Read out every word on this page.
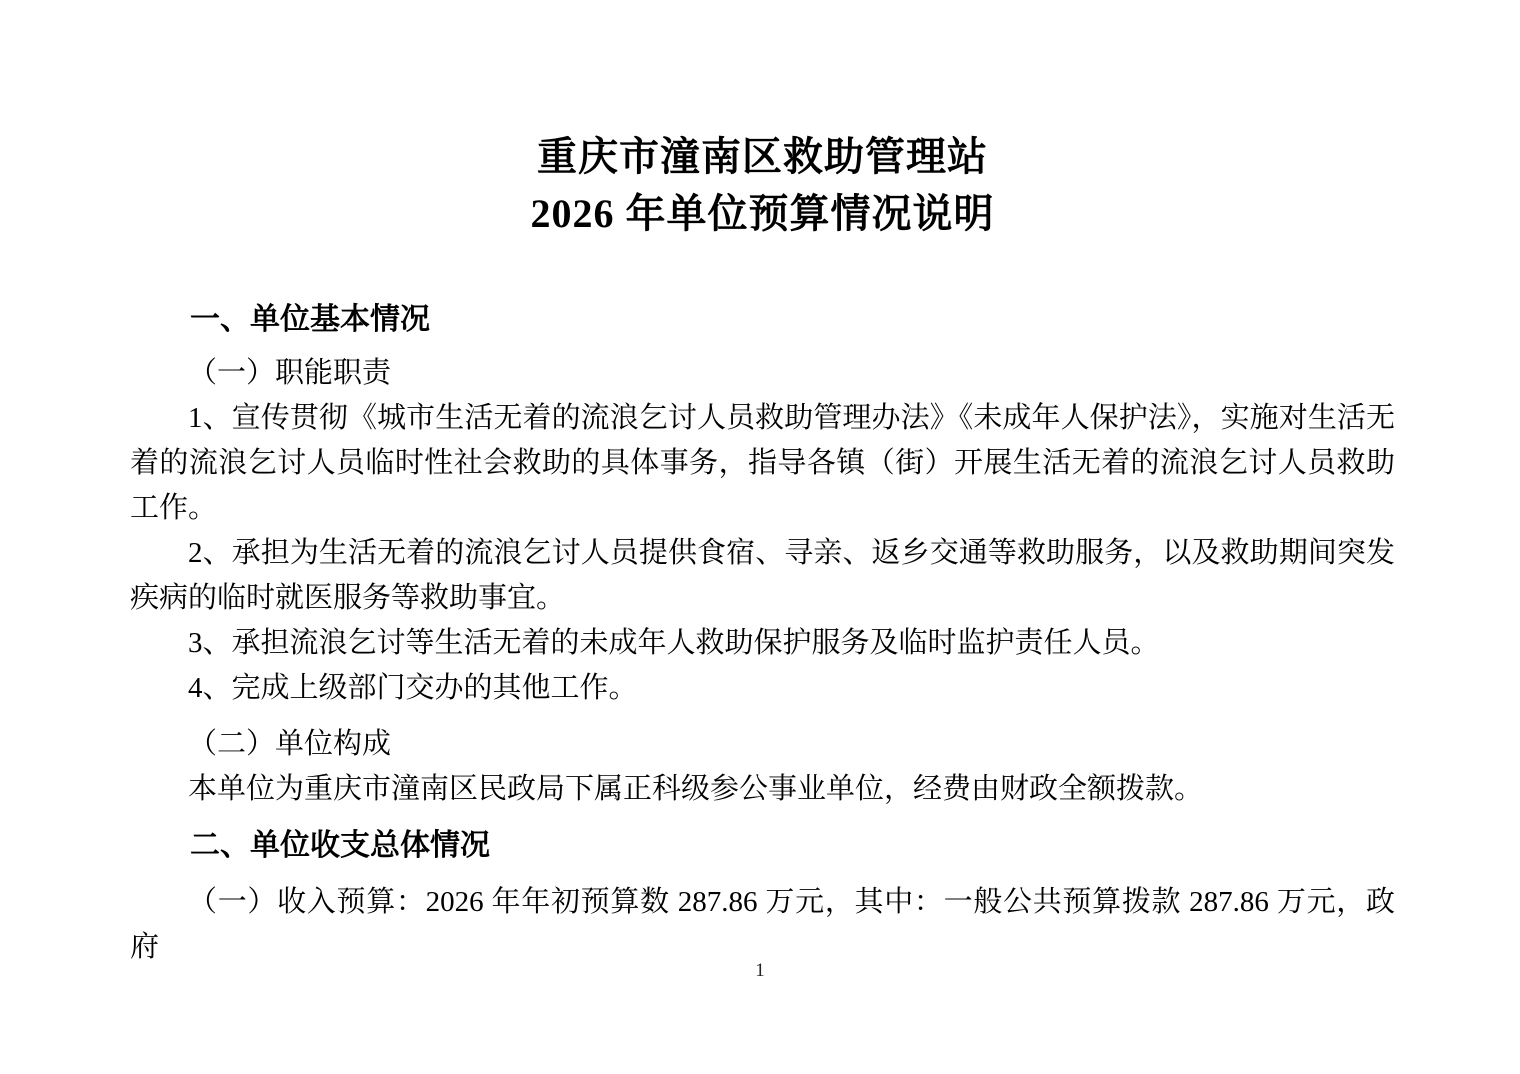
重庆市潼南区救助管理站
2026 年单位预算情况说明
一、单位基本情况
（一）职能职责
1、宣传贯彻《城市生活无着的流浪乞讨人员救助管理办法》《未成年人保护法》，实施对生活无着的流浪乞讨人员临时性社会救助的具体事务，指导各镇（街）开展生活无着的流浪乞讨人员救助工作。
2、承担为生活无着的流浪乞讨人员提供食宿、寻亲、返乡交通等救助服务，以及救助期间突发疾病的临时就医服务等救助事宜。
3、承担流浪乞讨等生活无着的未成年人救助保护服务及临时监护责任人员。
4、完成上级部门交办的其他工作。
（二）单位构成
本单位为重庆市潼南区民政局下属正科级参公事业单位，经费由财政全额拨款。
二、单位收支总体情况
（一）收入预算：2026 年年初预算数 287.86 万元，其中：一般公共预算拨款 287.86 万元，政府
1
